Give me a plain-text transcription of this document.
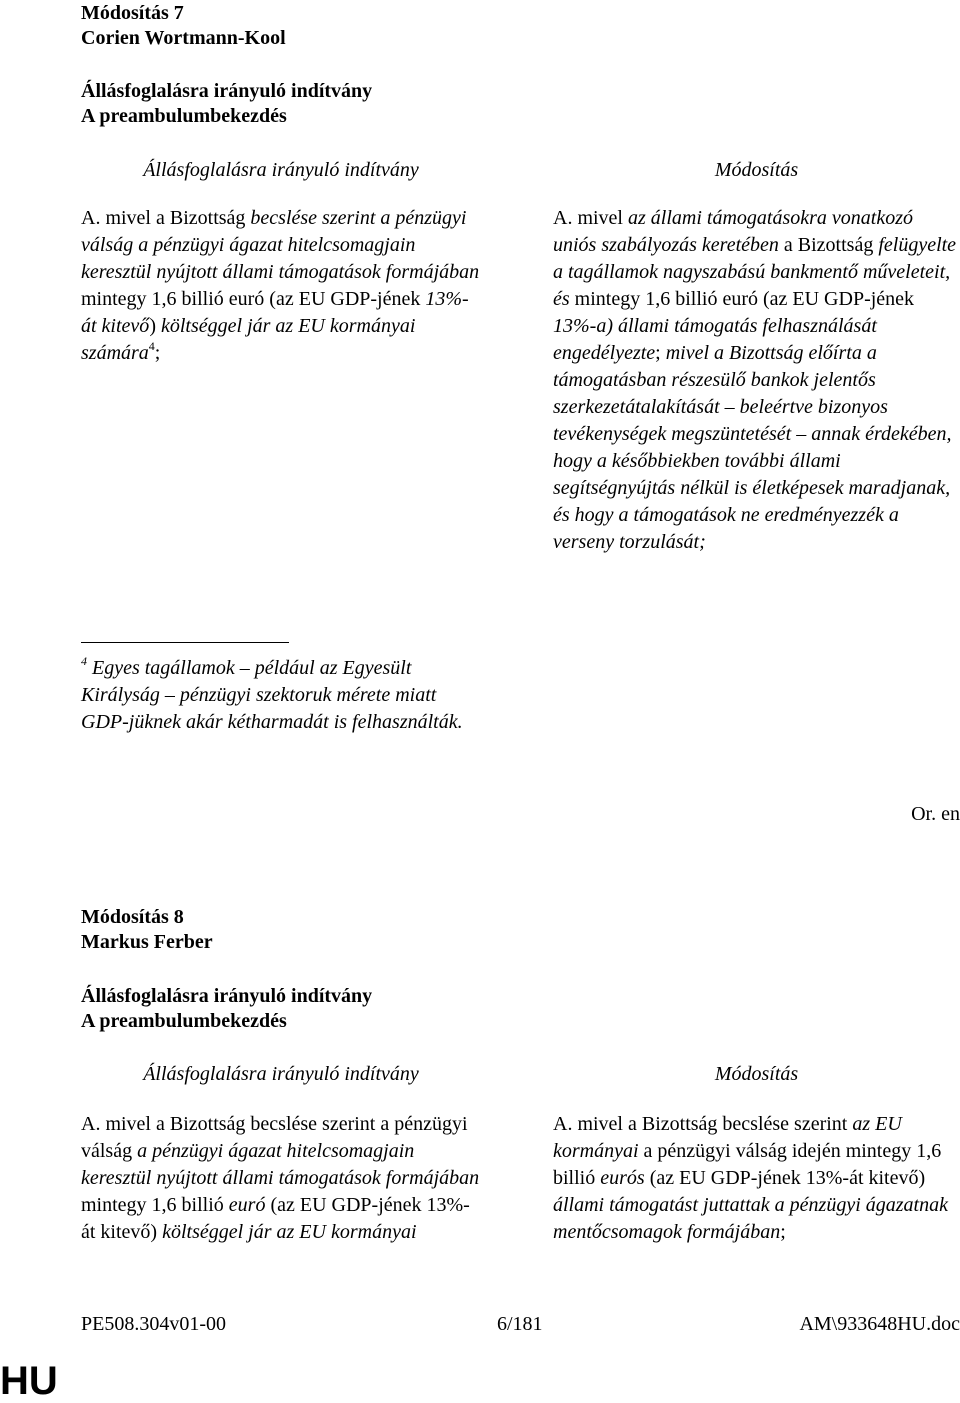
Módosítás 7
Corien Wortmann-Kool
Állásfoglalásra irányuló indítvány
A preambulumbekezdés
Állásfoglalásra irányuló indítvány	Módosítás
A. mivel a Bizottság becslése szerint a pénzügyi válság a pénzügyi ágazat hitelcsomagjain keresztül nyújtott állami támogatások formájában mintegy 1,6 billió euró (az EU GDP-jének 13%-át kitevő) költséggel jár az EU kormányai számára$^4$;
A. mivel az állami támogatásokra vonatkozó uniós szabályozás keretében a Bizottság felügyelte a tagállamok nagyszabású bankmentő műveleteit, és mintegy 1,6 billió euró (az EU GDP-jének 13%-a) állami támogatás felhasználását engedélyezte; mivel a Bizottság előírta a támogatásban részesülő bankok jelentős szerkezetátalakítását – beleértve bizonyos tevékenységek megszüntetését – annak érdekében, hogy a későbbiekben további állami segítségnyújtás nélkül is életképesek maradjanak, és hogy a támogatások ne eredményezzék a verseny torzulását;
$^4$ Egyes tagállamok – például az Egyesült Királyság – pénzügyi szektoruk mérete miatt GDP-jüknek akár kétharmadát is felhasználták.
Or. en
Módosítás 8
Markus Ferber
Állásfoglalásra irányuló indítvány
A preambulumbekezdés
Állásfoglalásra irányuló indítvány	Módosítás
A. mivel a Bizottság becslése szerint a pénzügyi válság a pénzügyi ágazat hitelcsomagjain keresztül nyújtott állami támogatások formájában mintegy 1,6 billió euró (az EU GDP-jének 13%-át kitevő) költséggel jár az EU kormányai
A. mivel a Bizottság becslése szerint az EU kormányai a pénzügyi válság idején mintegy 1,6 billió eurós (az EU GDP-jének 13%-át kitevő) állami támogatást juttattak a pénzügyi ágazatnak mentőcsomagok formájában;
PE508.304v01-00	6/181	AM\933648HU.doc
HU
